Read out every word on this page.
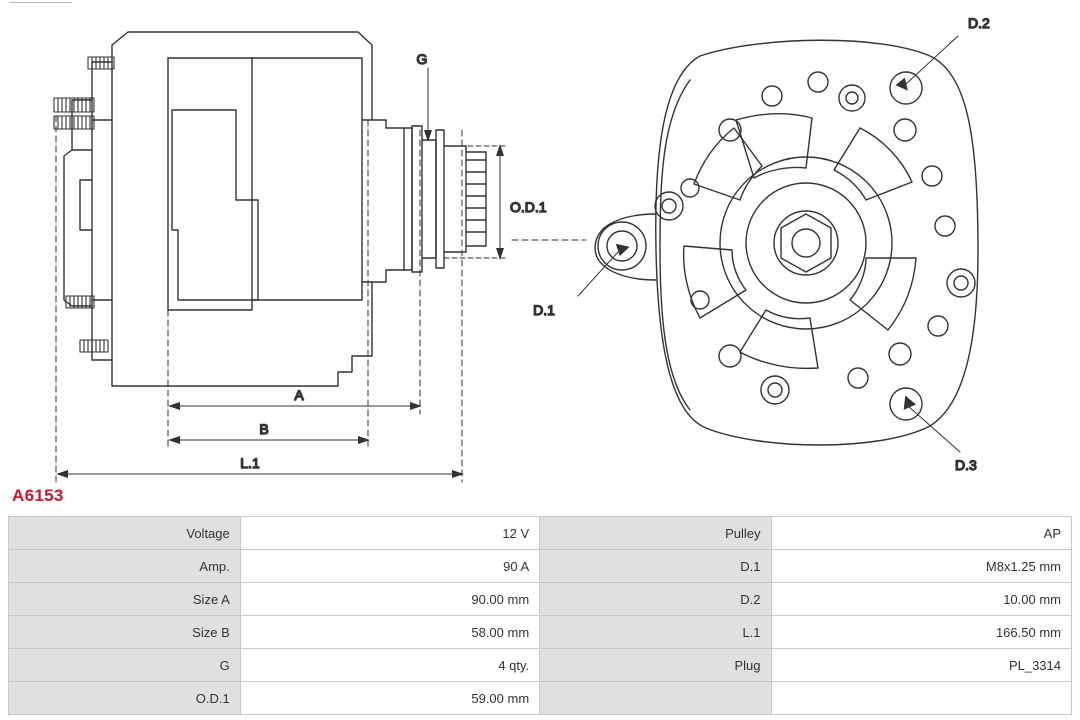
G
O.D.1
A
B
L.1
D.1
D.2
D.3
A6153
Voltage	12 V	Pulley	AP
Amp.	90 A	D.1	M8x1.25 mm
Size A	90.00 mm	D.2	10.00 mm
Size B	58.00 mm	L.1	166.50 mm
G	4 qty.	Plug	PL_3314
O.D.1	59.00 mm		
